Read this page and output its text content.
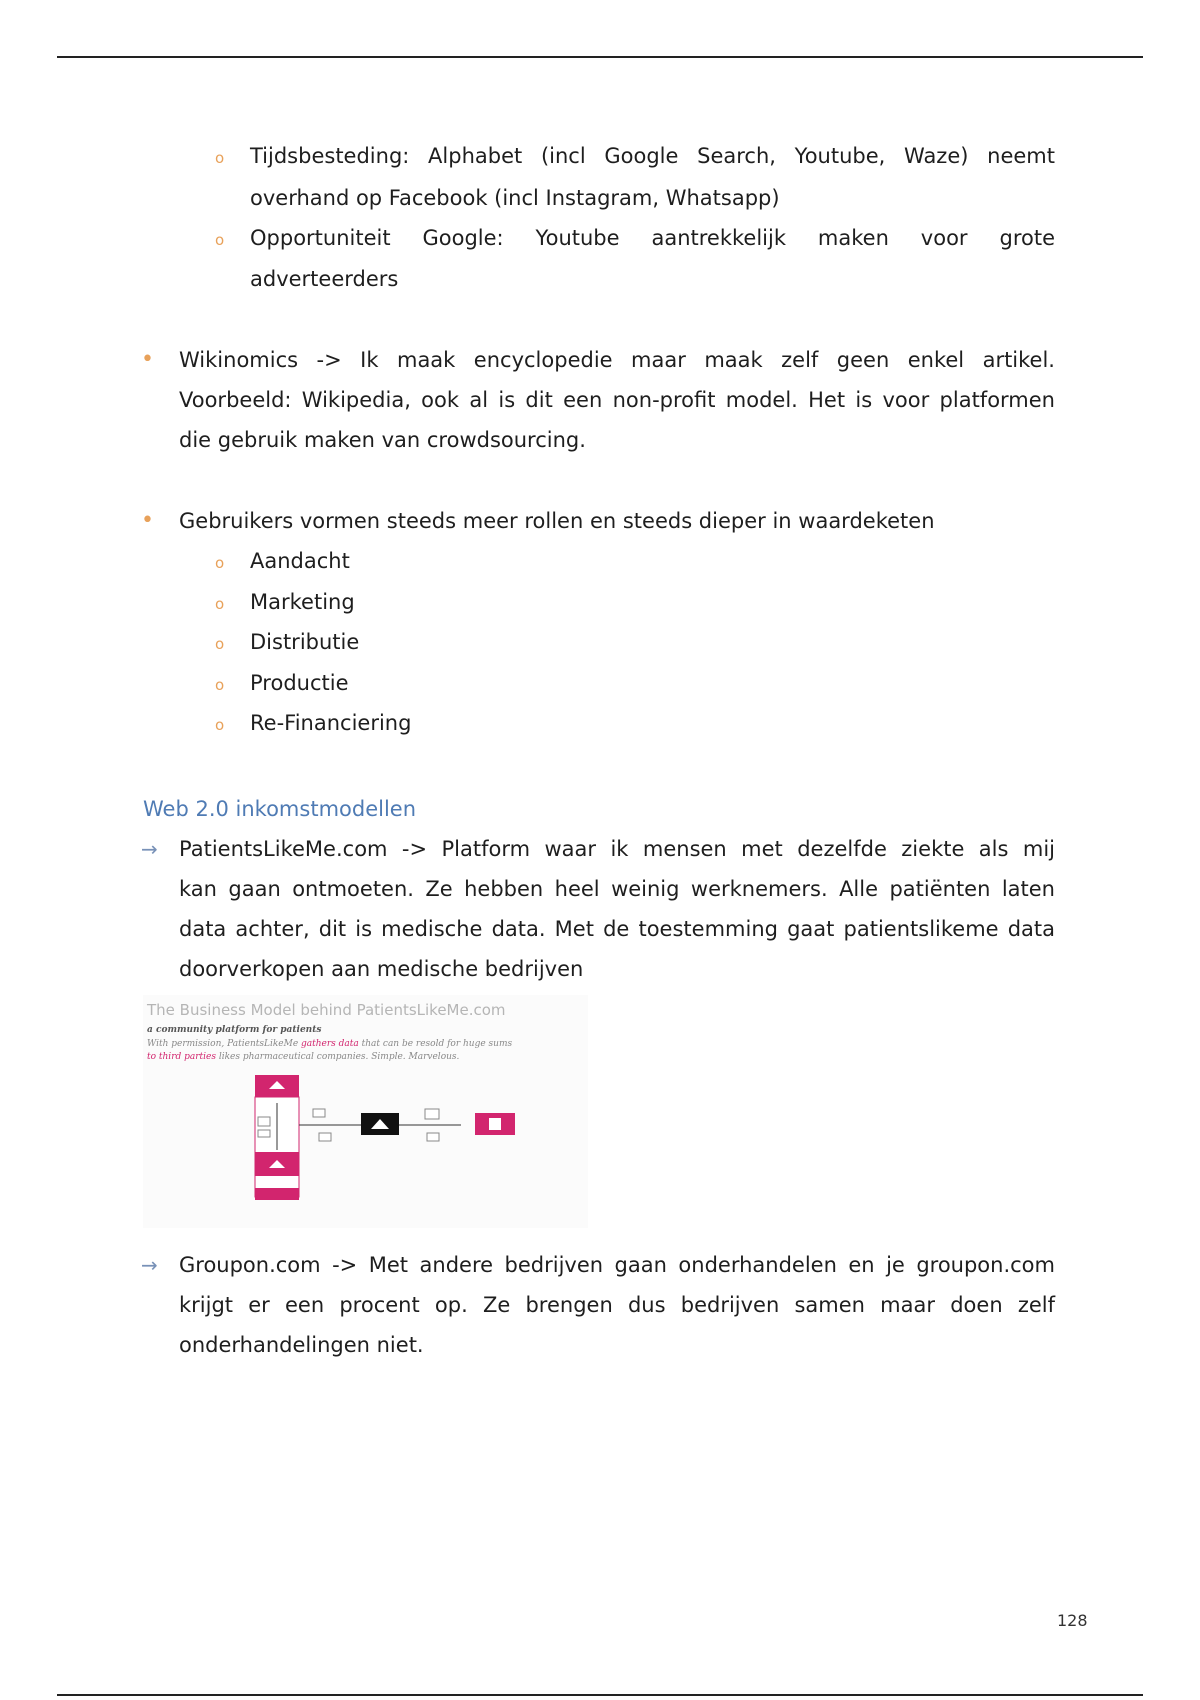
o Tijdsbesteding: Alphabet (incl Google Search, Youtube, Waze) neemt
overhand op Facebook (incl Instagram, Whatsapp)
o Opportuniteit Google: Youtube aantrekkelijk maken voor grote
adverteerders
• Wikinomics -> Ik maak encyclopedie maar maak zelf geen enkel artikel.
Voorbeeld: Wikipedia, ook al is dit een non-profit model. Het is voor platformen
die gebruik maken van crowdsourcing.
• Gebruikers vormen steeds meer rollen en steeds dieper in waardeketen
o Aandacht
o Marketing
o Distributie
o Productie
o Re-Financiering
Web 2.0 inkomstmodellen
→ PatientsLikeMe.com -> Platform waar ik mensen met dezelfde ziekte als mij
kan gaan ontmoeten. Ze hebben heel weinig werknemers. Alle patiënten laten
data achter, dit is medische data. Met de toestemming gaat patientslikeme data
doorverkopen aan medische bedrijven
The Business Model behind PatientsLikeMe.com
a community platform for patients
With permission, PatientsLikeMe gathers data that can be resold for huge sums
to third parties likes pharmaceutical companies. Simple. Marvelous.
→ Groupon.com -> Met andere bedrijven gaan onderhandelen en je groupon.com
krijgt er een procent op. Ze brengen dus bedrijven samen maar doen zelf
onderhandelingen niet.
128
